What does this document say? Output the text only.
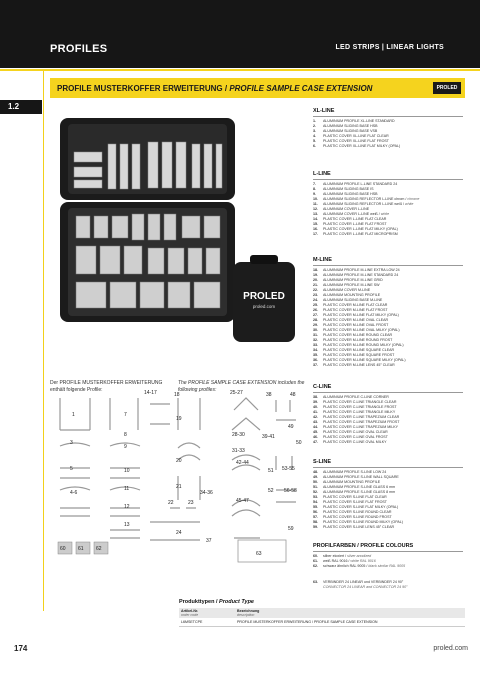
PROFILES	LED STRIPS | LINEAR LIGHTS
PROFILE MUSTERKOFFER ERWEITERUNG / PROFILE SAMPLE CASE EXTENSION	PROLED
1.2
PROLED
proled.com
Der PROFILE MUSTERKOFFER ERWEITERUNG enthält folgende Profile:
The PROFILE SAMPLE CASE EXTENSION includes the following profiles:
1	7
14-17	18	25-27	38	48
19
28-30	39-41
49
50
3
8
9
31-33
20	42-44
5	10	51 53-55
11	21
34-36
4-6
22	23
52 56-58
45-47
12
13
24
59
37
60 61 62
63
XL-LINE
1. ALUMINIUM PROFILE XL-LINE STANDARD
2. ALUMINIUM SLIDING BASE HSB
3. ALUMINIUM SLIDING BASE VSB
4. PLASTIC COVER XL-LINE FLAT CLEAR
5. PLASTIC COVER XL-LINE FLAT FROST
6. PLASTIC COVER XL-LINE FLAT MILKY (OPAL)
L-LINE
7. ALUMINIUM PROFILE L-LINE STANDARD 24
8. ALUMINIUM SLIDING BASE IS
9. ALUMINIUM SLIDING BASE HSB
10. ALUMINIUM SLIDING REFLECTOR L-LINE chrom / chrome
11. ALUMINIUM SLIDING REFLECTOR L-LINE weiß / white
12. ALUMINIUM COVER L-LINE
13. ALUMINIUM COVER L-LINE weiß / white
14. PLASTIC COVER L-LINE FLAT CLEAR
15. PLASTIC COVER L-LINE FLAT FROST
16. PLASTIC COVER L-LINE FLAT MILKY (OPAL)
17. PLASTIC COVER L-LINE FLAT MICROPRISM
M-LINE
18. ALUMINIUM PROFILE M-LINE EXTRA LOW 24
19. ALUMINIUM PROFILE M-LINE STANDARD 24
20. ALUMINIUM PROFILE M-LINE GRID
21. ALUMINIUM PROFILE M-LINE SW
22. ALUMINIUM COVER M-LINE
23. ALUMINIUM MOUNTING PROFILE
24. ALUMINIUM SLIDING BASE M-LINE
25. PLASTIC COVER M-LINE FLAT CLEAR
26. PLASTIC COVER M-LINE FLAT FROST
27. PLASTIC COVER M-LINE FLAT MILKY (OPAL)
28. PLASTIC COVER M-LINE OVAL CLEAR
29. PLASTIC COVER M-LINE OVAL FROST
30. PLASTIC COVER M-LINE OVAL MILKY (OPAL)
31. PLASTIC COVER M-LINE ROUND CLEAR
32. PLASTIC COVER M-LINE ROUND FROST
33. PLASTIC COVER M-LINE ROUND MILKY (OPAL)
34. PLASTIC COVER M-LINE SQUARE CLEAR
35. PLASTIC COVER M-LINE SQUARE FROST
36. PLASTIC COVER M-LINE SQUARE MILKY (OPAL)
37. PLASTIC COVER M-LINE LENS 45° CLEAR
C-LINE
38. ALUMINIUM PROFILE C-LINE CORNER
39. PLASTIC COVER C-LINE TRIANGLE CLEAR
40. PLASTIC COVER C-LINE TRIANGLE FROST
41. PLASTIC COVER C-LINE TRIANGLE MILKY
42. PLASTIC COVER C-LINE TRAPEZIUM CLEAR
43. PLASTIC COVER C-LINE TRAPEZIUM FROST
44. PLASTIC COVER C-LINE TRAPEZIUM MILKY
45. PLASTIC COVER C-LINE OVAL CLEAR
46. PLASTIC COVER C-LINE OVAL FROST
47. PLASTIC COVER C-LINE OVAL MILKY
S-LINE
48. ALUMINIUM PROFILE S-LINE LOW 24
49. ALUMINIUM PROFILE S-LINE WALL SQUARE
50. ALUMINIUM MOUNTING PROFILE
51. ALUMINIUM PROFILE S-LINE GLASS 6 mm
52. ALUMINIUM PROFILE S-LINE GLASS 8 mm
53. PLASTIC COVER S-LINE FLAT CLEAR
54. PLASTIC COVER S-LINE FLAT FROST
55. PLASTIC COVER S-LINE FLAT MILKY (OPAL)
56. PLASTIC COVER S-LINE ROUND CLEAR
57. PLASTIC COVER S-LINE ROUND FROST
58. PLASTIC COVER S-LINE ROUND MILKY (OPAL)
59. PLASTIC COVER S-LINE LENS 45° CLEAR
PROFILFARBEN / PROFILE COLOURS
60. silber eloxiert / silver anodized
61. weiß RAL 9016 / white RAL 9016
62. schwarz ähnlich RAL 9005 / black similar RAL 9005
63. VERBINDER 24 LINEAR und VERBINDER 24 90°
CONNECTOR 24 LINEAR and CONNECTOR 24 90°
Produkttypen / Product Type
Artikel-Nr.
order code	Bezeichnung
description

L6MSETCPE	PROFILE MUSTERKOFFER ERWEITERUNG / PROFILE SAMPLE CASE EXTENSION
174	proled.com
